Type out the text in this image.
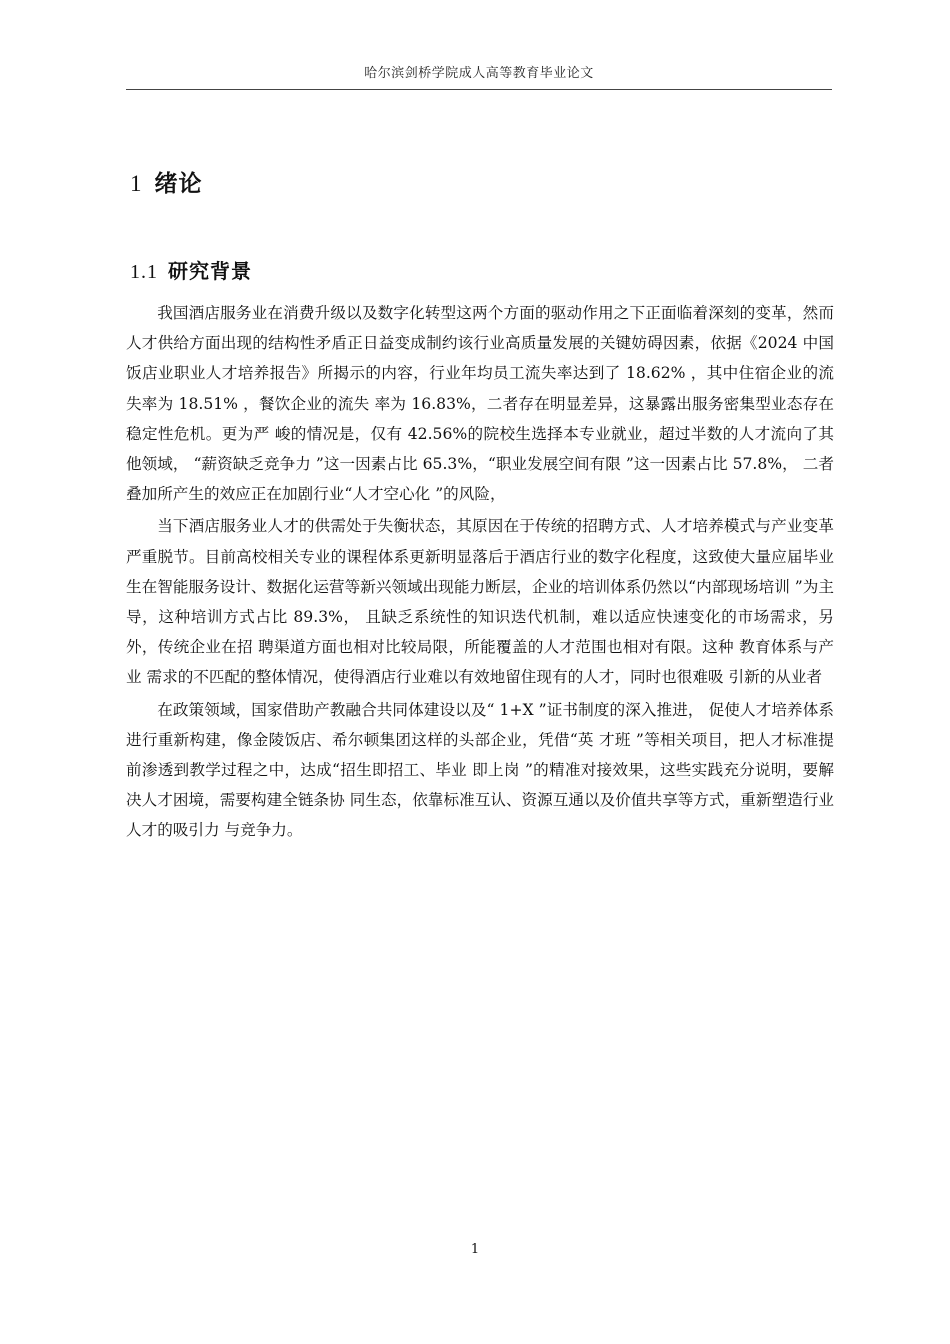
哈尔滨剑桥学院成人高等教育毕业论文
1 绪论
1.1 研究背景

我国酒店服务业在消费升级以及数字化转型这两个方面的驱动作用之下正面临着深刻的变革，然而人才供给方面出现的结构性矛盾正日益变成制约该行业高质量发展的关键妨碍因素，依据《2024 中国饭店业职业人才培养报告》所揭示的内容，行业年均员工流失率达到了 18.62% ，其中住宿企业的流失率为 18.51% ，餐饮企业的流失 率为 16.83%，二者存在明显差异，这暴露出服务密集型业态存在稳定性危机。更为严 峻的情况是，仅有 42.56%的院校生选择本专业就业，超过半数的人才流向了其他领域， “薪资缺乏竞争力 ”这一因素占比 65.3%，“职业发展空间有限 ”这一因素占比 57.8%， 二者叠加所产生的效应正在加剧行业“人才空心化 ”的风险，

当下酒店服务业人才的供需处于失衡状态，其原因在于传统的招聘方式、人才培养模式与产业变革严重脱节。目前高校相关专业的课程体系更新明显落后于酒店行业的数字化程度，这致使大量应届毕业生在智能服务设计、数据化运营等新兴领域出现能力断层，企业的培训体系仍然以“内部现场培训 ”为主导，这种培训方式占比 89.3%， 且缺乏系统性的知识迭代机制，难以适应快速变化的市场需求，另外，传统企业在招 聘渠道方面也相对比较局限，所能覆盖的人才范围也相对有限。这种 教育体系与产业 需求的不匹配的整体情况，使得酒店行业难以有效地留住现有的人才，同时也很难吸 引新的从业者

在政策领域，国家借助产教融合共同体建设以及“ 1+X ”证书制度的深入推进， 促使人才培养体系进行重新构建，像金陵饭店、希尔顿集团这样的头部企业，凭借“英 才班 ”等相关项目，把人才标准提前渗透到教学过程之中，达成“招生即招工、毕业 即上岗 ”的精准对接效果，这些实践充分说明，要解决人才困境，需要构建全链条协 同生态，依靠标准互认、资源互通以及价值共享等方式，重新塑造行业人才的吸引力 与竞争力。

1
